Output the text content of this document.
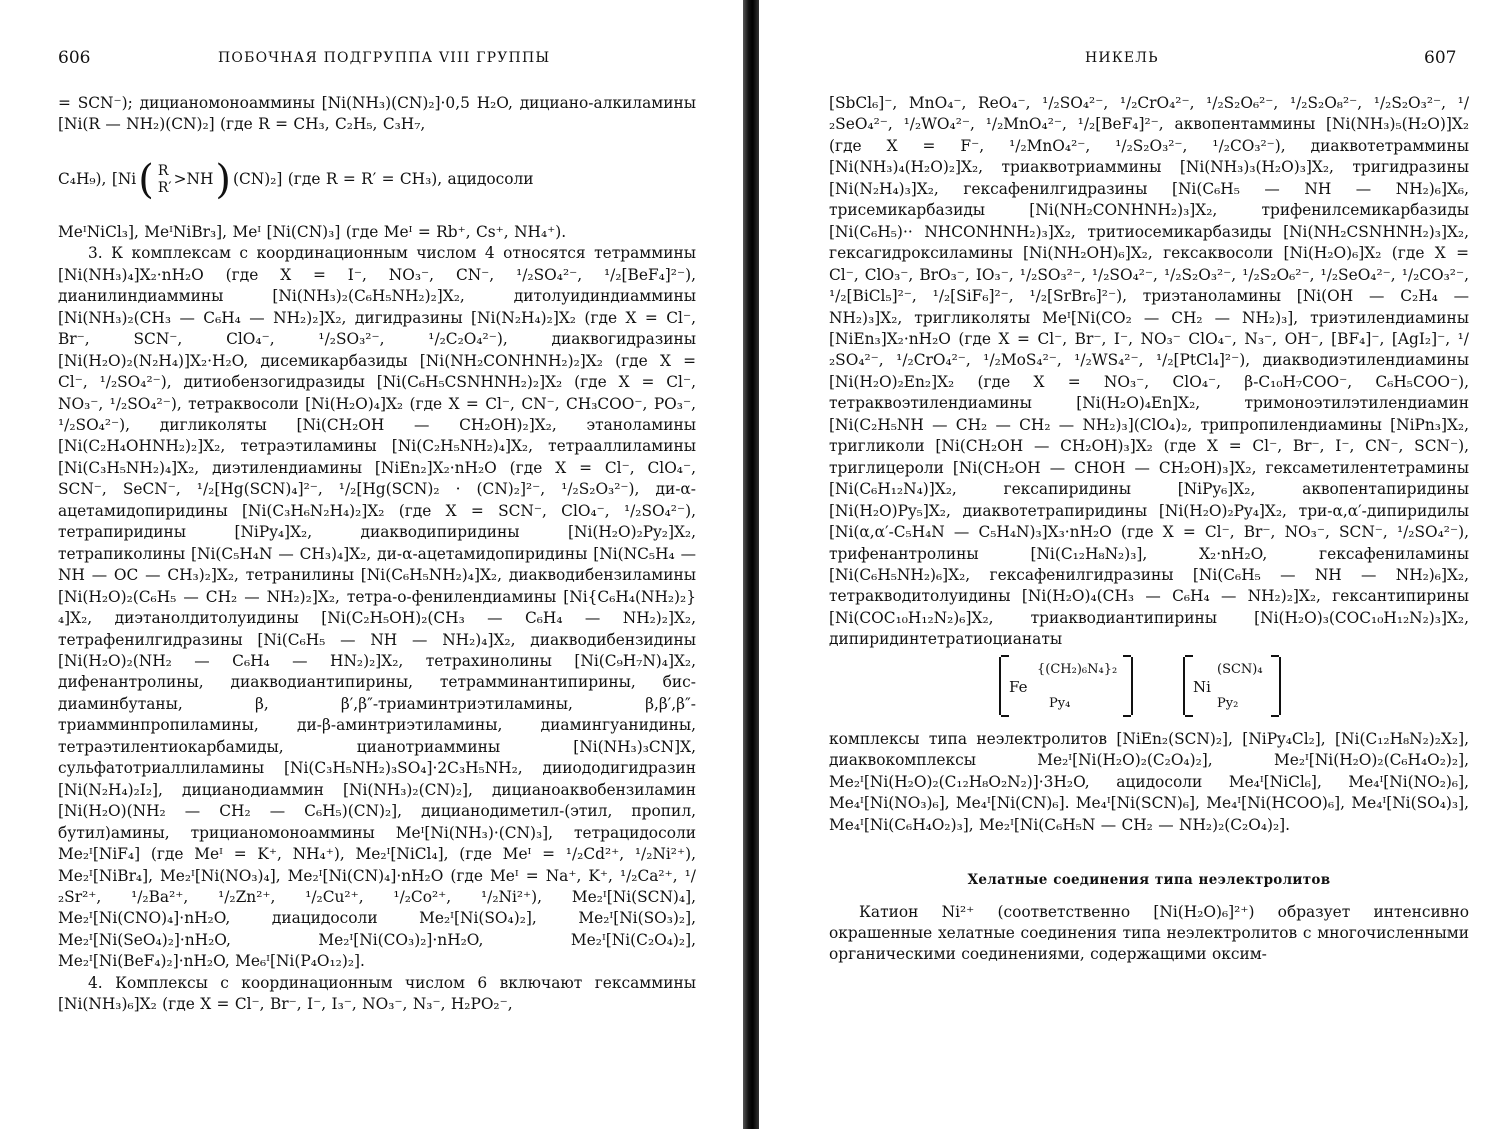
606	ПОБОЧНАЯ ПОДГРУППА VIII ГРУППЫ

= SCN⁻); дицианомоноаммины [Ni(NH₃)(CN)₂]·0,5 H₂O, дициано-алкиламины [Ni(R — NH₂)(CN)₂] (где R = CH₃, C₂H₅, C₃H₇,

C₄H₉), [Ni ( R
R′ > NH ) (CN)₂] (где R = R′ = CH₃), ацидосоли

MeᴵNiCl₃], MeᴵNiBr₃], Meᴵ [Ni(CN)₃] (где Meᴵ = Rb⁺, Cs⁺, NH₄⁺).

3. К комплексам с координационным числом 4 относятся тетраммины [Ni(NH₃)₄]X₂·nH₂O (где X = I⁻, NO₃⁻, CN⁻, ¹/₂SO₄²⁻, ¹/₂[BeF₄]²⁻), дианилиндиаммины [Ni(NH₃)₂(C₆H₅NH₂)₂]X₂, дитолуидиндиаммины [Ni(NH₃)₂(CH₃ — C₆H₄ — NH₂)₂]X₂, дигидразины [Ni(N₂H₄)₂]X₂ (где X = Cl⁻, Br⁻, SCN⁻, ClO₄⁻, ¹/₂SO₃²⁻, ¹/₂C₂O₄²⁻), диаквогидразины [Ni(H₂O)₂(N₂H₄)]X₂·H₂O, дисемикарбазиды [Ni(NH₂CONHNH₂)₂]X₂ (где X = Cl⁻, ¹/₂SO₄²⁻), дитиобензогидразиды [Ni(C₆H₅CSNHNH₂)₂]X₂ (где X = Cl⁻, NO₃⁻, ¹/₂SO₄²⁻), тетраквосоли [Ni(H₂O)₄]X₂ (где X = Cl⁻, CN⁻, CH₃COO⁻, PO₃⁻, ¹/₂SO₄²⁻), дигликоляты [Ni(CH₂OH — CH₂OH)₂]X₂, этаноламины [Ni(C₂H₄OHNH₂)₂]X₂, тетраэтиламины [Ni(C₂H₅NH₂)₄]X₂, тетрааллиламины [Ni(C₃H₅NH₂)₄]X₂, диэтилендиамины [NiEn₂]X₂·nH₂O (где X = Cl⁻, ClO₄⁻, SCN⁻, SeCN⁻, ¹/₂[Hg(SCN)₄]²⁻, ¹/₂[Hg(SCN)₂ · (CN)₂]²⁻, ¹/₂S₂O₃²⁻), ди-α-ацетамидопиридины [Ni(C₃H₆N₂H₄)₂]X₂ (где X = SCN⁻, ClO₄⁻, ¹/₂SO₄²⁻), тетрапиридины [NiPy₄]X₂, диакводипиридины [Ni(H₂O)₂Py₂]X₂, тетрапиколины [Ni(C₅H₄N — CH₃)₄]X₂, ди-α-ацетамидопиридины [Ni(NC₅H₄ — NH — OC — CH₃)₂]X₂, тетранилины [Ni(C₆H₅NH₂)₄]X₂, диакводибензиламины [Ni(H₂O)₂(C₆H₅ — CH₂ — NH₂)₂]X₂, тетра-о-фенилендиамины [Ni{C₆H₄(NH₂)₂}₄]X₂, диэтанолдитолуидины [Ni(C₂H₅OH)₂(CH₃ — C₆H₄ — NH₂)₂]X₂, тетрафенилгидразины [Ni(C₆H₅ — NH — NH₂)₄]X₂, диакводибензидины [Ni(H₂O)₂(NH₂ — C₆H₄ — HN₂)₂]X₂, тетрахинолины [Ni(C₉H₇N)₄]X₂, дифенантролины, диакводиантипирины, тетрамминантипирины, бис-диаминбутаны, β, β′,β″-триаминтриэтиламины, β,β′,β″-триамминпропиламины, ди-β-аминтриэтиламины, диамингуанидины, тетраэтилентиокарбамиды, цианотриаммины [Ni(NH₃)₃CN]X, сульфатотриаллиламины [Ni(C₃H₅NH₂)₃SO₄]·2C₃H₅NH₂, дииододигидразин [Ni(N₂H₄)₂I₂], дицианодиаммин [Ni(NH₃)₂(CN)₂], дицианоаквобензиламин [Ni(H₂O)(NH₂ — CH₂ — C₆H₅)(CN)₂], дицианодиметил-(этил, пропил, бутил)амины, трицианомоноаммины Meᴵ[Ni(NH₃)·(CN)₃], тетрацидосоли Me₂ᴵ[NiF₄] (где Meᴵ = K⁺, NH₄⁺), Me₂ᴵ[NiCl₄], (где Meᴵ = ¹/₂Cd²⁺, ¹/₂Ni²⁺), Me₂ᴵ[NiBr₄], Me₂ᴵ[Ni(NO₃)₄], Me₂ᴵ[Ni(CN)₄]·nH₂O (где Meᴵ = Na⁺, K⁺, ¹/₂Ca²⁺, ¹/₂Sr²⁺, ¹/₂Ba²⁺, ¹/₂Zn²⁺, ¹/₂Cu²⁺, ¹/₂Co²⁺, ¹/₂Ni²⁺), Me₂ᴵ[Ni(SCN)₄], Me₂ᴵ[Ni(CNO)₄]·nH₂O, диацидосоли Me₂ᴵ[Ni(SO₄)₂], Me₂ᴵ[Ni(SO₃)₂], Me₂ᴵ[Ni(SeO₄)₂]·nH₂O, Me₂ᴵ[Ni(CO₃)₂]·nH₂O, Me₂ᴵ[Ni(C₂O₄)₂], Me₂ᴵ[Ni(BeF₄)₂]·nH₂O, Me₆ᴵ[Ni(P₄O₁₂)₂].

4. Комплексы с координационным числом 6 включают гексаммины [Ni(NH₃)₆]X₂ (где X = Cl⁻, Br⁻, I⁻, I₃⁻, NO₃⁻, N₃⁻, H₂PO₂⁻,

НИКЕЛЬ	607

[SbCl₆]⁻, MnO₄⁻, ReO₄⁻, ¹/₂SO₄²⁻, ¹/₂CrO₄²⁻, ¹/₂S₂O₆²⁻, ¹/₂S₂O₈²⁻, ¹/₂S₂O₃²⁻, ¹/₂SeO₄²⁻, ¹/₂WO₄²⁻, ¹/₂MnO₄²⁻, ¹/₂[BeF₄]²⁻, аквопентаммины [Ni(NH₃)₅(H₂O)]X₂ (где X = F⁻, ¹/₂MnO₄²⁻, ¹/₂S₂O₃²⁻, ¹/₂CO₃²⁻), диаквотетраммины [Ni(NH₃)₄(H₂O)₂]X₂, триаквотриаммины [Ni(NH₃)₃(H₂O)₃]X₂, тригидразины [Ni(N₂H₄)₃]X₂, гексафенилгидразины [Ni(C₆H₅ — NH — NH₂)₆]X₆, трисемикарбазиды [Ni(NH₂CONHNH₂)₃]X₂, трифенилсемикарбазиды [Ni(C₆H₅)·· NHCONHNH₂)₃]X₂, тритиосемикарбазиды [Ni(NH₂CSNHNH₂)₃]X₂, гексагидроксиламины [Ni(NH₂OH)₆]X₂, гексаквосоли [Ni(H₂O)₆]X₂ (где X = Cl⁻, ClO₃⁻, BrO₃⁻, IO₃⁻, ¹/₂SO₃²⁻, ¹/₂SO₄²⁻, ¹/₂S₂O₃²⁻, ¹/₂S₂O₆²⁻, ¹/₂SeO₄²⁻, ¹/₂CO₃²⁻, ¹/₂[BiCl₅]²⁻, ¹/₂[SiF₆]²⁻, ¹/₂[SrBr₆]²⁻), триэтаноламины [Ni(OH — C₂H₄ — NH₂)₃]X₂, тригликоляты Meᴵ[Ni(CO₂ — CH₂ — NH₂)₃], триэтилендиамины [NiEn₃]X₂·nH₂O (где X = Cl⁻, Br⁻, I⁻, NO₃⁻ ClO₄⁻, N₃⁻, OH⁻, [BF₄]⁻, [AgI₂]⁻, ¹/₂SO₄²⁻, ¹/₂CrO₄²⁻, ¹/₂MoS₄²⁻, ¹/₂WS₄²⁻, ¹/₂[PtCl₄]²⁻), диакводиэтилендиамины [Ni(H₂O)₂En₂]X₂ (где X = NO₃⁻, ClO₄⁻, β-C₁₀H₇COO⁻, C₆H₅COO⁻), тетраквоэтилендиамины [Ni(H₂O)₄En]X₂, тримоноэтилэтилендиамин [Ni(C₂H₅NH — CH₂ — CH₂ — NH₂)₃](ClO₄)₂, трипропилендиамины [NiPn₃]X₂, тригликоли [Ni(CH₂OH — CH₂OH)₃]X₂ (где X = Cl⁻, Br⁻, I⁻, CN⁻, SCN⁻), триглицероли [Ni(CH₂OH — CHOH — CH₂OH)₃]X₂, гексаметилентетрамины [Ni(C₆H₁₂N₄)]X₂, гексапиридины [NiPy₆]X₂, аквопентапиридины [Ni(H₂O)Py₅]X₂, диаквотетрапиридины [Ni(H₂O)₂Py₄]X₂, три-α,α′-дипиридилы [Ni(α,α′-C₅H₄N — C₅H₄N)₃]X₃·nH₂O (где X = Cl⁻, Br⁻, NO₃⁻, SCN⁻, ¹/₂SO₄²⁻), трифенантролины [Ni(C₁₂H₈N₂)₃], X₂·nH₂O, гексафениламины [Ni(C₆H₅NH₂)₆]X₂, гексафенилгидразины [Ni(C₆H₅ — NH — NH₂)₆]X₂, тетракводитолуидины [Ni(H₂O)₄(CH₃ — C₆H₄ — NH₂)₂]X₂, гексантипирины [Ni(COC₁₀H₁₂N₂)₆]X₂, триакводиантипирины [Ni(H₂O)₃(COC₁₀H₁₂N₂)₃]X₂, дипиридинтетратиоцианаты

Fe
{(CH₂)₆N₄}₂
Py₄
Ni
(SCN)₄
Py₂

комплексы типа неэлектролитов [NiEn₂(SCN)₂], [NiPy₄Cl₂], [Ni(C₁₂H₈N₂)₂X₂], диаквокомплексы Me₂ᴵ[Ni(H₂O)₂(C₂O₄)₂], Me₂ᴵ[Ni(H₂O)₂(C₆H₄O₂)₂], Me₂ᴵ[Ni(H₂O)₂(C₁₂H₈O₂N₂)]·3H₂O, ацидосоли Me₄ᴵ[NiCl₆], Me₄ᴵ[Ni(NO₂)₆], Me₄ᴵ[Ni(NO₃)₆], Me₄ᴵ[Ni(CN)₆]. Me₄ᴵ[Ni(SCN)₆], Me₄ᴵ[Ni(HCOO)₆], Me₄ᴵ[Ni(SO₄)₃], Me₄ᴵ[Ni(C₆H₄O₂)₃], Me₂ᴵ[Ni(C₆H₅N — CH₂ — NH₂)₂(C₂O₄)₂].

Хелатные соединения типа неэлектролитов

Катион Ni²⁺ (соответственно [Ni(H₂O)₆]²⁺) образует интенсивно окрашенные хелатные соединения типа неэлектролитов с многочисленными органическими соединениями, содержащими оксим-
